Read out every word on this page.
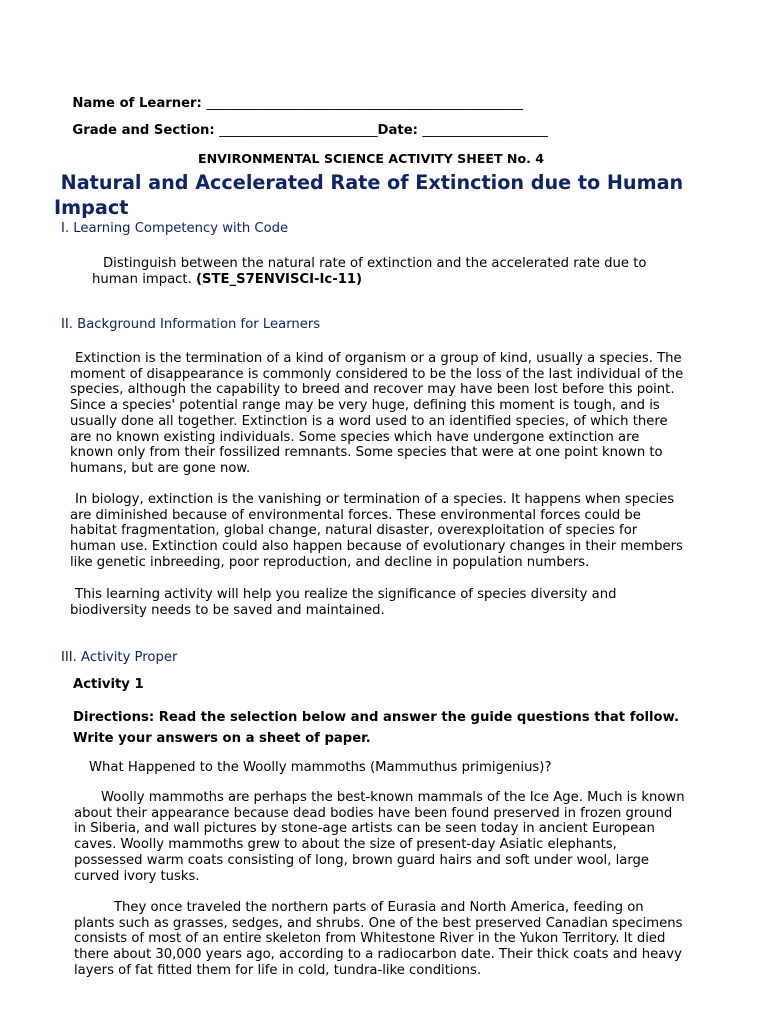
Name of Learner: ________________________________________________

Grade and Section: ________________________Date: ___________________

ENVIRONMENTAL SCIENCE ACTIVITY SHEET No. 4
Natural and Accelerated Rate of Extinction due to Human
Impact
I. Learning Competency with Code
Distinguish between the natural rate of extinction and the accelerated rate due to
human impact. (STE_S7ENVISCI-Ic-11)
II. Background Information for Learners
Extinction is the termination of a kind of organism or a group of kind, usually a species. The
moment of disappearance is commonly considered to be the loss of the last individual of the
species, although the capability to breed and recover may have been lost before this point.
Since a species' potential range may be very huge, defining this moment is tough, and is
usually done all together. Extinction is a word used to an identified species, of which there
are no known existing individuals. Some species which have undergone extinction are
known only from their fossilized remnants. Some species that were at one point known to
humans, but are gone now.
In biology, extinction is the vanishing or termination of a species. It happens when species
are diminished because of environmental forces. These environmental forces could be
habitat fragmentation, global change, natural disaster, overexploitation of species for
human use. Extinction could also happen because of evolutionary changes in their members
like genetic inbreeding, poor reproduction, and decline in population numbers.
This learning activity will help you realize the significance of species diversity and
biodiversity needs to be saved and maintained.
III. Activity Proper
Activity 1
Directions: Read the selection below and answer the guide questions that follow.
Write your answers on a sheet of paper.
What Happened to the Woolly mammoths (Mammuthus primigenius)?
Woolly mammoths are perhaps the best-known mammals of the Ice Age. Much is known
about their appearance because dead bodies have been found preserved in frozen ground
in Siberia, and wall pictures by stone-age artists can be seen today in ancient European
caves. Woolly mammoths grew to about the size of present-day Asiatic elephants,
possessed warm coats consisting of long, brown guard hairs and soft under wool, large
curved ivory tusks.
They once traveled the northern parts of Eurasia and North America, feeding on
plants such as grasses, sedges, and shrubs. One of the best preserved Canadian specimens
consists of most of an entire skeleton from Whitestone River in the Yukon Territory. It died
there about 30,000 years ago, according to a radiocarbon date. Their thick coats and heavy
layers of fat fitted them for life in cold, tundra-like conditions.
